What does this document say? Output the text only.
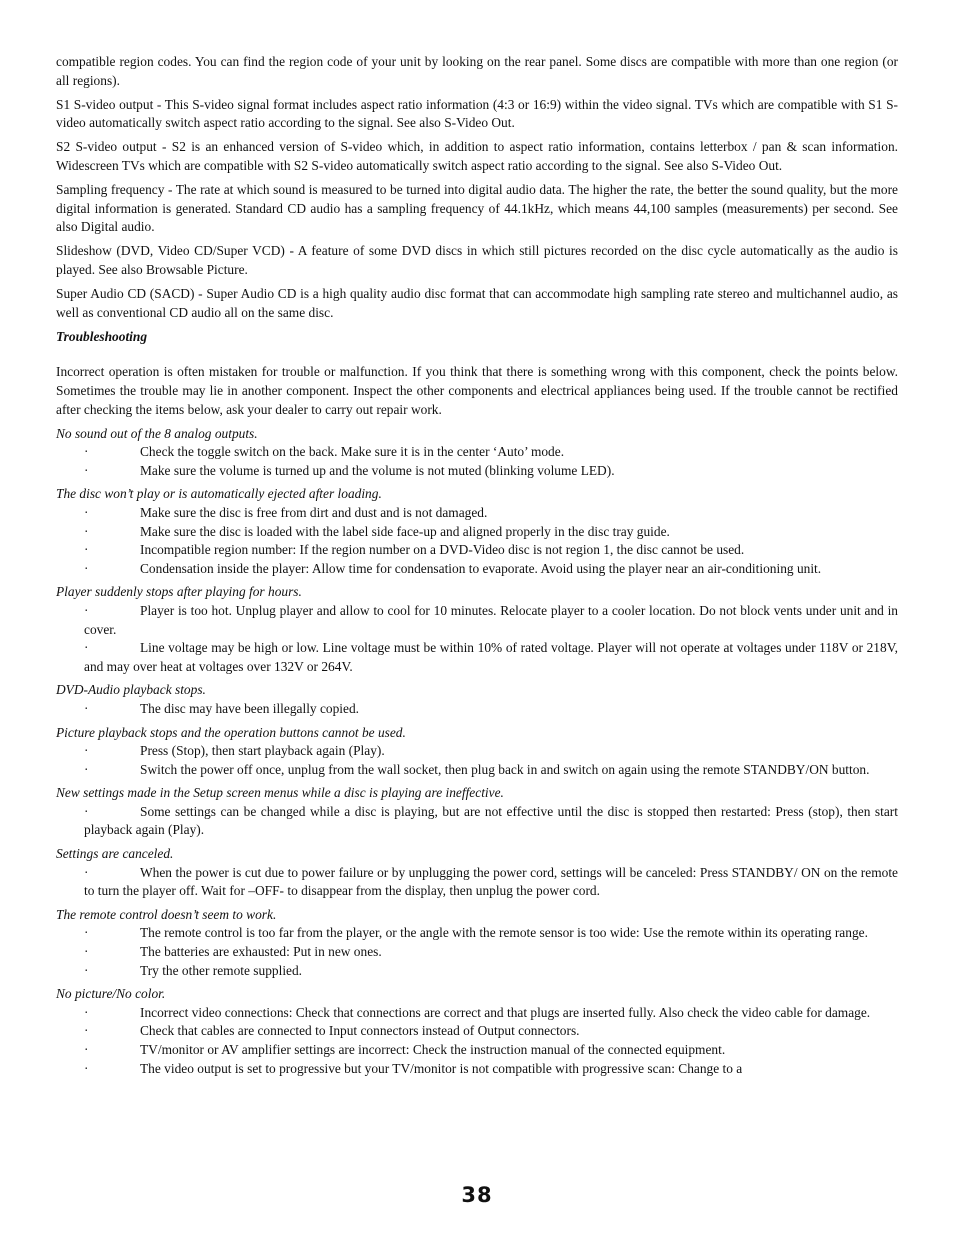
compatible region codes. You can find the region code of your unit by looking on the rear panel. Some discs are compatible with more than one region (or all regions).

S1 S-video output - This S-video signal format includes aspect ratio information (4:3 or 16:9) within the video signal. TVs which are compatible with S1 S-video automatically switch aspect ratio according to the signal. See also S-Video Out.

S2 S-video output - S2 is an enhanced version of S-video which, in addition to aspect ratio information, contains letterbox / pan & scan information. Widescreen TVs which are compatible with S2 S-video automatically switch aspect ratio according to the signal. See also S-Video Out.

Sampling frequency - The rate at which sound is measured to be turned into digital audio data. The higher the rate, the better the sound quality, but the more digital information is generated. Standard CD audio has a sampling frequency of 44.1kHz, which means 44,100 samples (measurements) per second. See also Digital audio.

Slideshow (DVD, Video CD/Super VCD) - A feature of some DVD discs in which still pictures recorded on the disc cycle automatically as the audio is played. See also Browsable Picture.

Super Audio CD (SACD) - Super Audio CD is a high quality audio disc format that can accommodate high sampling rate stereo and multichannel audio, as well as conventional CD audio all on the same disc.

Troubleshooting

Incorrect operation is often mistaken for trouble or malfunction. If you think that there is something wrong with this component, check the points below. Sometimes the trouble may lie in another component. Inspect the other components and electrical appliances being used. If the trouble cannot be rectified after checking the items below, ask your dealer to carry out repair work.

No sound out of the 8 analog outputs.

·	Check the toggle switch on the back. Make sure it is in the center ‘Auto’ mode.

·	Make sure the volume is turned up and the volume is not muted (blinking volume LED).

The disc won’t play or is automatically ejected after loading.

·	Make sure the disc is free from dirt and dust and is not damaged.

·	Make sure the disc is loaded with the label side face-up and aligned properly in the disc tray guide.

·	Incompatible region number: If the region number on a DVD-Video disc is not region 1, the disc cannot be used.

·	Condensation inside the player: Allow time for condensation to evaporate. Avoid using the player near an air-conditioning unit.

Player suddenly stops after playing for hours.

·	Player is too hot. Unplug player and allow to cool for 10 minutes. Relocate player to a cooler location. Do not block vents under unit and in cover.

·	Line voltage may be high or low. Line voltage must be within 10% of rated voltage. Player will not operate at voltages under 118V or 218V, and may over heat at voltages over 132V or 264V.

DVD-Audio playback stops.

·	The disc may have been illegally copied.

Picture playback stops and the operation buttons cannot be used.

·	Press (Stop), then start playback again (Play).

·	Switch the power off once, unplug from the wall socket, then plug back in and switch on again using the remote STANDBY/ON button.

New settings made in the Setup screen menus while a disc is playing are ineffective.

·	Some settings can be changed while a disc is playing, but are not effective until the disc is stopped then restarted: Press (stop), then start playback again (Play).

Settings are canceled.

·	When the power is cut due to power failure or by unplugging the power cord, settings will be canceled: Press STANDBY/ ON on the remote to turn the player off. Wait for –OFF- to disappear from the display, then unplug the power cord.

The remote control doesn’t seem to work.

·	The remote control is too far from the player, or the angle with the remote sensor is too wide: Use the remote within its operating range.

·	The batteries are exhausted: Put in new ones.

·	Try the other remote supplied.

No picture/No color.

·	Incorrect video connections: Check that connections are correct and that plugs are inserted fully. Also check the video cable for damage.

·	Check that cables are connected to Input connectors instead of Output connectors.

·	TV/monitor or AV amplifier settings are incorrect: Check the instruction manual of the connected equipment.

·	The video output is set to progressive but your TV/monitor is not compatible with progressive scan: Change to a

38
